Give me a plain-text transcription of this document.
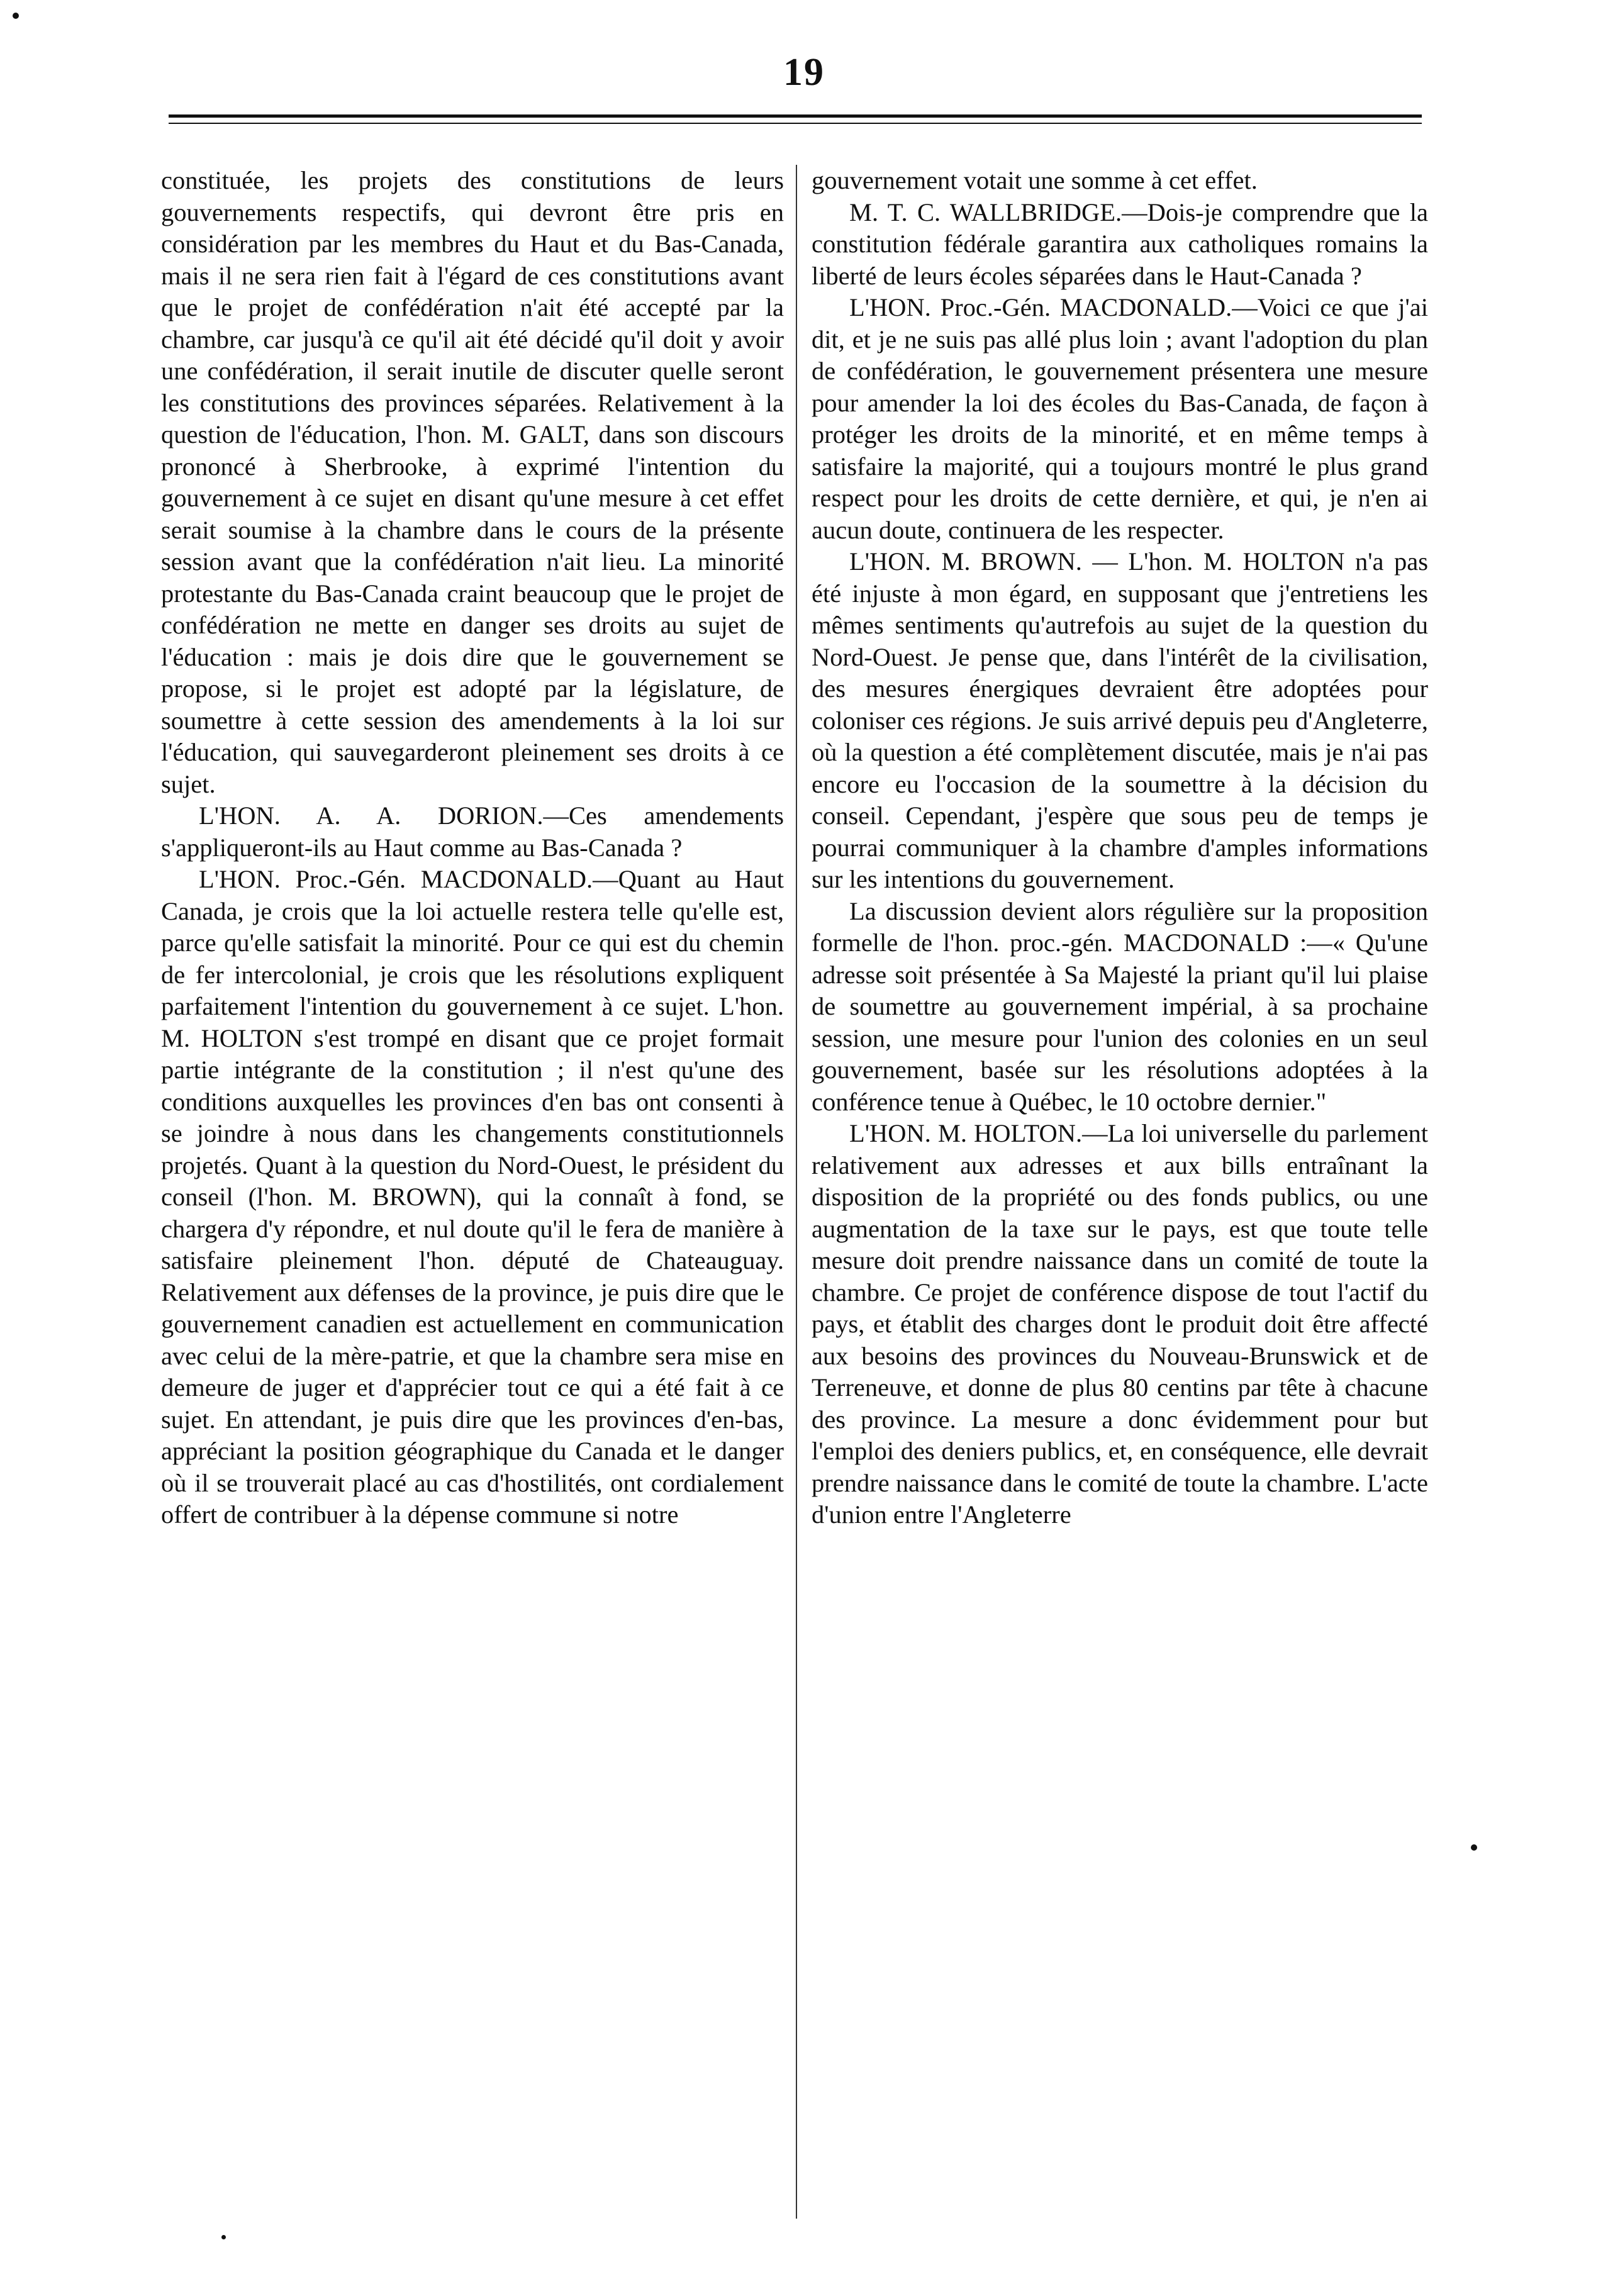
19

constituée, les projets des constitutions de leurs gouvernements respectifs, qui devront être pris en considération par les membres du Haut et du Bas-Canada, mais il ne sera rien fait à l'égard de ces constitutions avant que le projet de confédération n'ait été accepté par la chambre, car jusqu'à ce qu'il ait été décidé qu'il doit y avoir une confédération, il serait inutile de discuter quelle seront les constitutions des provinces séparées. Relativement à la question de l'éducation, l'hon. M. GALT, dans son discours prononcé à Sherbrooke, à exprimé l'intention du gouvernement à ce sujet en disant qu'une mesure à cet effet serait soumise à la chambre dans le cours de la présente session avant que la confédération n'ait lieu. La minorité protestante du Bas-Canada craint beaucoup que le projet de confédération ne mette en danger ses droits au sujet de l'éducation : mais je dois dire que le gouvernement se propose, si le projet est adopté par la législature, de soumettre à cette session des amendements à la loi sur l'éducation, qui sauvegarderont pleinement ses droits à ce sujet.

L'HON. A. A. DORION.—Ces amendements s'appliqueront-ils au Haut comme au Bas-Canada ?

L'HON. Proc.-Gén. MACDONALD.—Quant au Haut Canada, je crois que la loi actuelle restera telle qu'elle est, parce qu'elle satisfait la minorité. Pour ce qui est du chemin de fer intercolonial, je crois que les résolutions expliquent parfaitement l'intention du gouvernement à ce sujet. L'hon. M. HOLTON s'est trompé en disant que ce projet formait partie intégrante de la constitution ; il n'est qu'une des conditions auxquelles les provinces d'en bas ont consenti à se joindre à nous dans les changements constitutionnels projetés. Quant à la question du Nord-Ouest, le président du conseil (l'hon. M. BROWN), qui la connaît à fond, se chargera d'y répondre, et nul doute qu'il le fera de manière à satisfaire pleinement l'hon. député de Chateauguay. Relativement aux défenses de la province, je puis dire que le gouvernement canadien est actuellement en communication avec celui de la mère-patrie, et que la chambre sera mise en demeure de juger et d'apprécier tout ce qui a été fait à ce sujet. En attendant, je puis dire que les provinces d'en-bas, appréciant la position géographique du Canada et le danger où il se trouverait placé au cas d'hostilités, ont cordialement offert de contribuer à la dépense commune si notre

gouvernement votait une somme à cet effet.

M. T. C. WALLBRIDGE.—Dois-je comprendre que la constitution fédérale garantira aux catholiques romains la liberté de leurs écoles séparées dans le Haut-Canada ?

L'HON. Proc.-Gén. MACDONALD.—Voici ce que j'ai dit, et je ne suis pas allé plus loin ; avant l'adoption du plan de confédération, le gouvernement présentera une mesure pour amender la loi des écoles du Bas-Canada, de façon à protéger les droits de la minorité, et en même temps à satisfaire la majorité, qui a toujours montré le plus grand respect pour les droits de cette dernière, et qui, je n'en ai aucun doute, continuera de les respecter.

L'HON. M. BROWN. — L'hon. M. HOLTON n'a pas été injuste à mon égard, en supposant que j'entretiens les mêmes sentiments qu'autrefois au sujet de la question du Nord-Ouest. Je pense que, dans l'intérêt de la civilisation, des mesures énergiques devraient être adoptées pour coloniser ces régions. Je suis arrivé depuis peu d'Angleterre, où la question a été complètement discutée, mais je n'ai pas encore eu l'occasion de la soumettre à la décision du conseil. Cependant, j'espère que sous peu de temps je pourrai communiquer à la chambre d'amples informations sur les intentions du gouvernement.

La discussion devient alors régulière sur la proposition formelle de l'hon. proc.-gén. MACDONALD :—« Qu'une adresse soit présentée à Sa Majesté la priant qu'il lui plaise de soumettre au gouvernement impérial, à sa prochaine session, une mesure pour l'union des colonies en un seul gouvernement, basée sur les résolutions adoptées à la conférence tenue à Québec, le 10 octobre dernier."

L'HON. M. HOLTON.—La loi universelle du parlement relativement aux adresses et aux bills entraînant la disposition de la propriété ou des fonds publics, ou une augmentation de la taxe sur le pays, est que toute telle mesure doit prendre naissance dans un comité de toute la chambre. Ce projet de conférence dispose de tout l'actif du pays, et établit des charges dont le produit doit être affecté aux besoins des provinces du Nouveau-Brunswick et de Terreneuve, et donne de plus 80 centins par tête à chacune des province. La mesure a donc évidemment pour but l'emploi des deniers publics, et, en conséquence, elle devrait prendre naissance dans le comité de toute la chambre. L'acte d'union entre l'Angleterre
